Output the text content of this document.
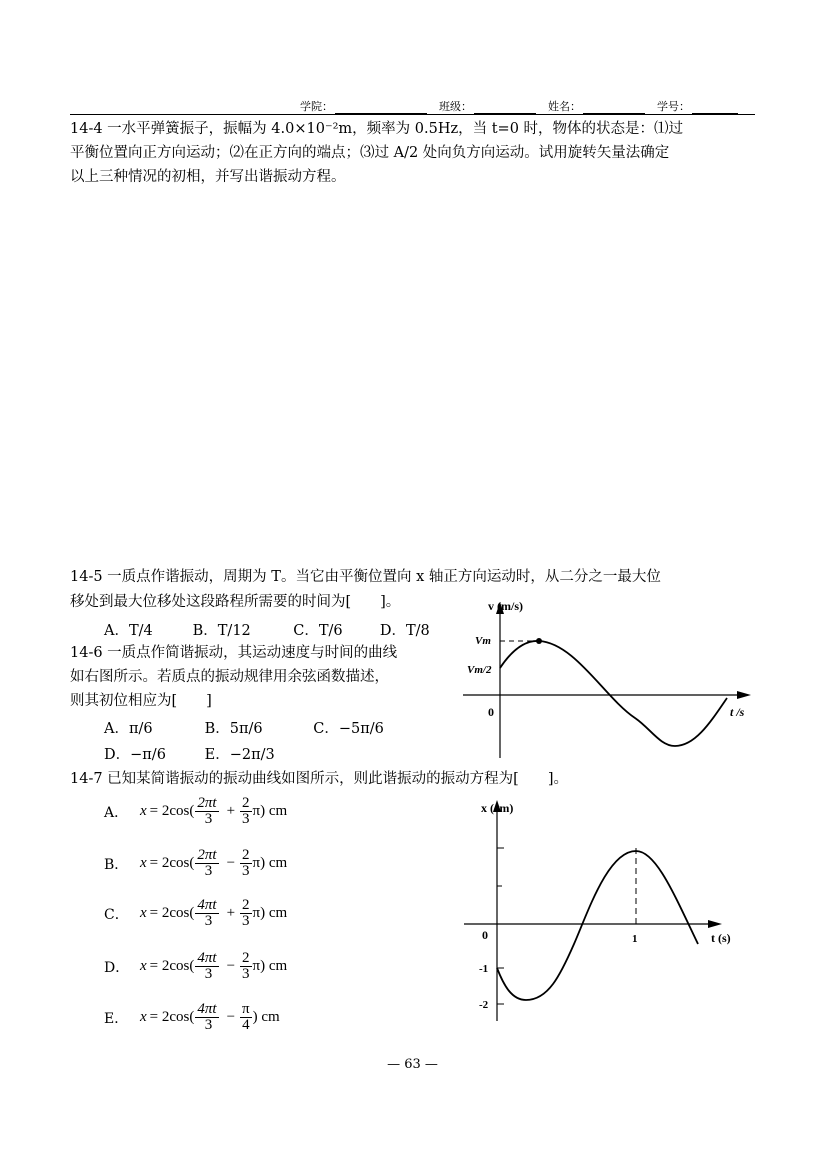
学院：	班级：	姓名：	学号：
14-4 一水平弹簧振子，振幅为 4.0×10⁻²m，频率为 0.5Hz，当 t=0 时，物体的状态是：⑴过
平衡位置向正方向运动；⑵在正方向的端点；⑶过 A/2 处向负方向运动。试用旋转矢量法确定
以上三种情况的初相，并写出谐振动方程。
14-5 一质点作谐振动，周期为 T。当它由平衡位置向 x 轴正方向运动时，从二分之一最大位
移处到最大位移处这段路程所需要的时间为[　　]。
A．T/4	B．T/12	C．T/6	D．T/8
14-6 一质点作简谐振动，其运动速度与时间的曲线
如右图所示。若质点的振动规律用余弦函数描述，
则其初位相应为[　　]
A．π/6	B．5π/6	C．−5π/6
D．−π/6	E．−2π/3
v (m/s)
Vm
Vm/2
0	t /s
14-7 已知某简谐振动的振动曲线如图所示，则此谐振动的振动方程为[　　]。
A． $x = 2\cos( \frac{2\pi t}{3} + \frac{2}{3} \pi)$ cm
B． $x = 2\cos( \frac{2\pi t}{3} - \frac{2}{3} \pi)$ cm
C． $x = 2\cos( \frac{4\pi t}{3} + \frac{2}{3} \pi)$ cm
D． $x = 2\cos( \frac{4\pi t}{3} - \frac{2}{3} \pi)$ cm
E． $x = 2\cos( \frac{4\pi t}{3} - \frac{\pi}{4}$ ) cm
x (cm)
0	1
-1
-2
t (s)
— 63 —
